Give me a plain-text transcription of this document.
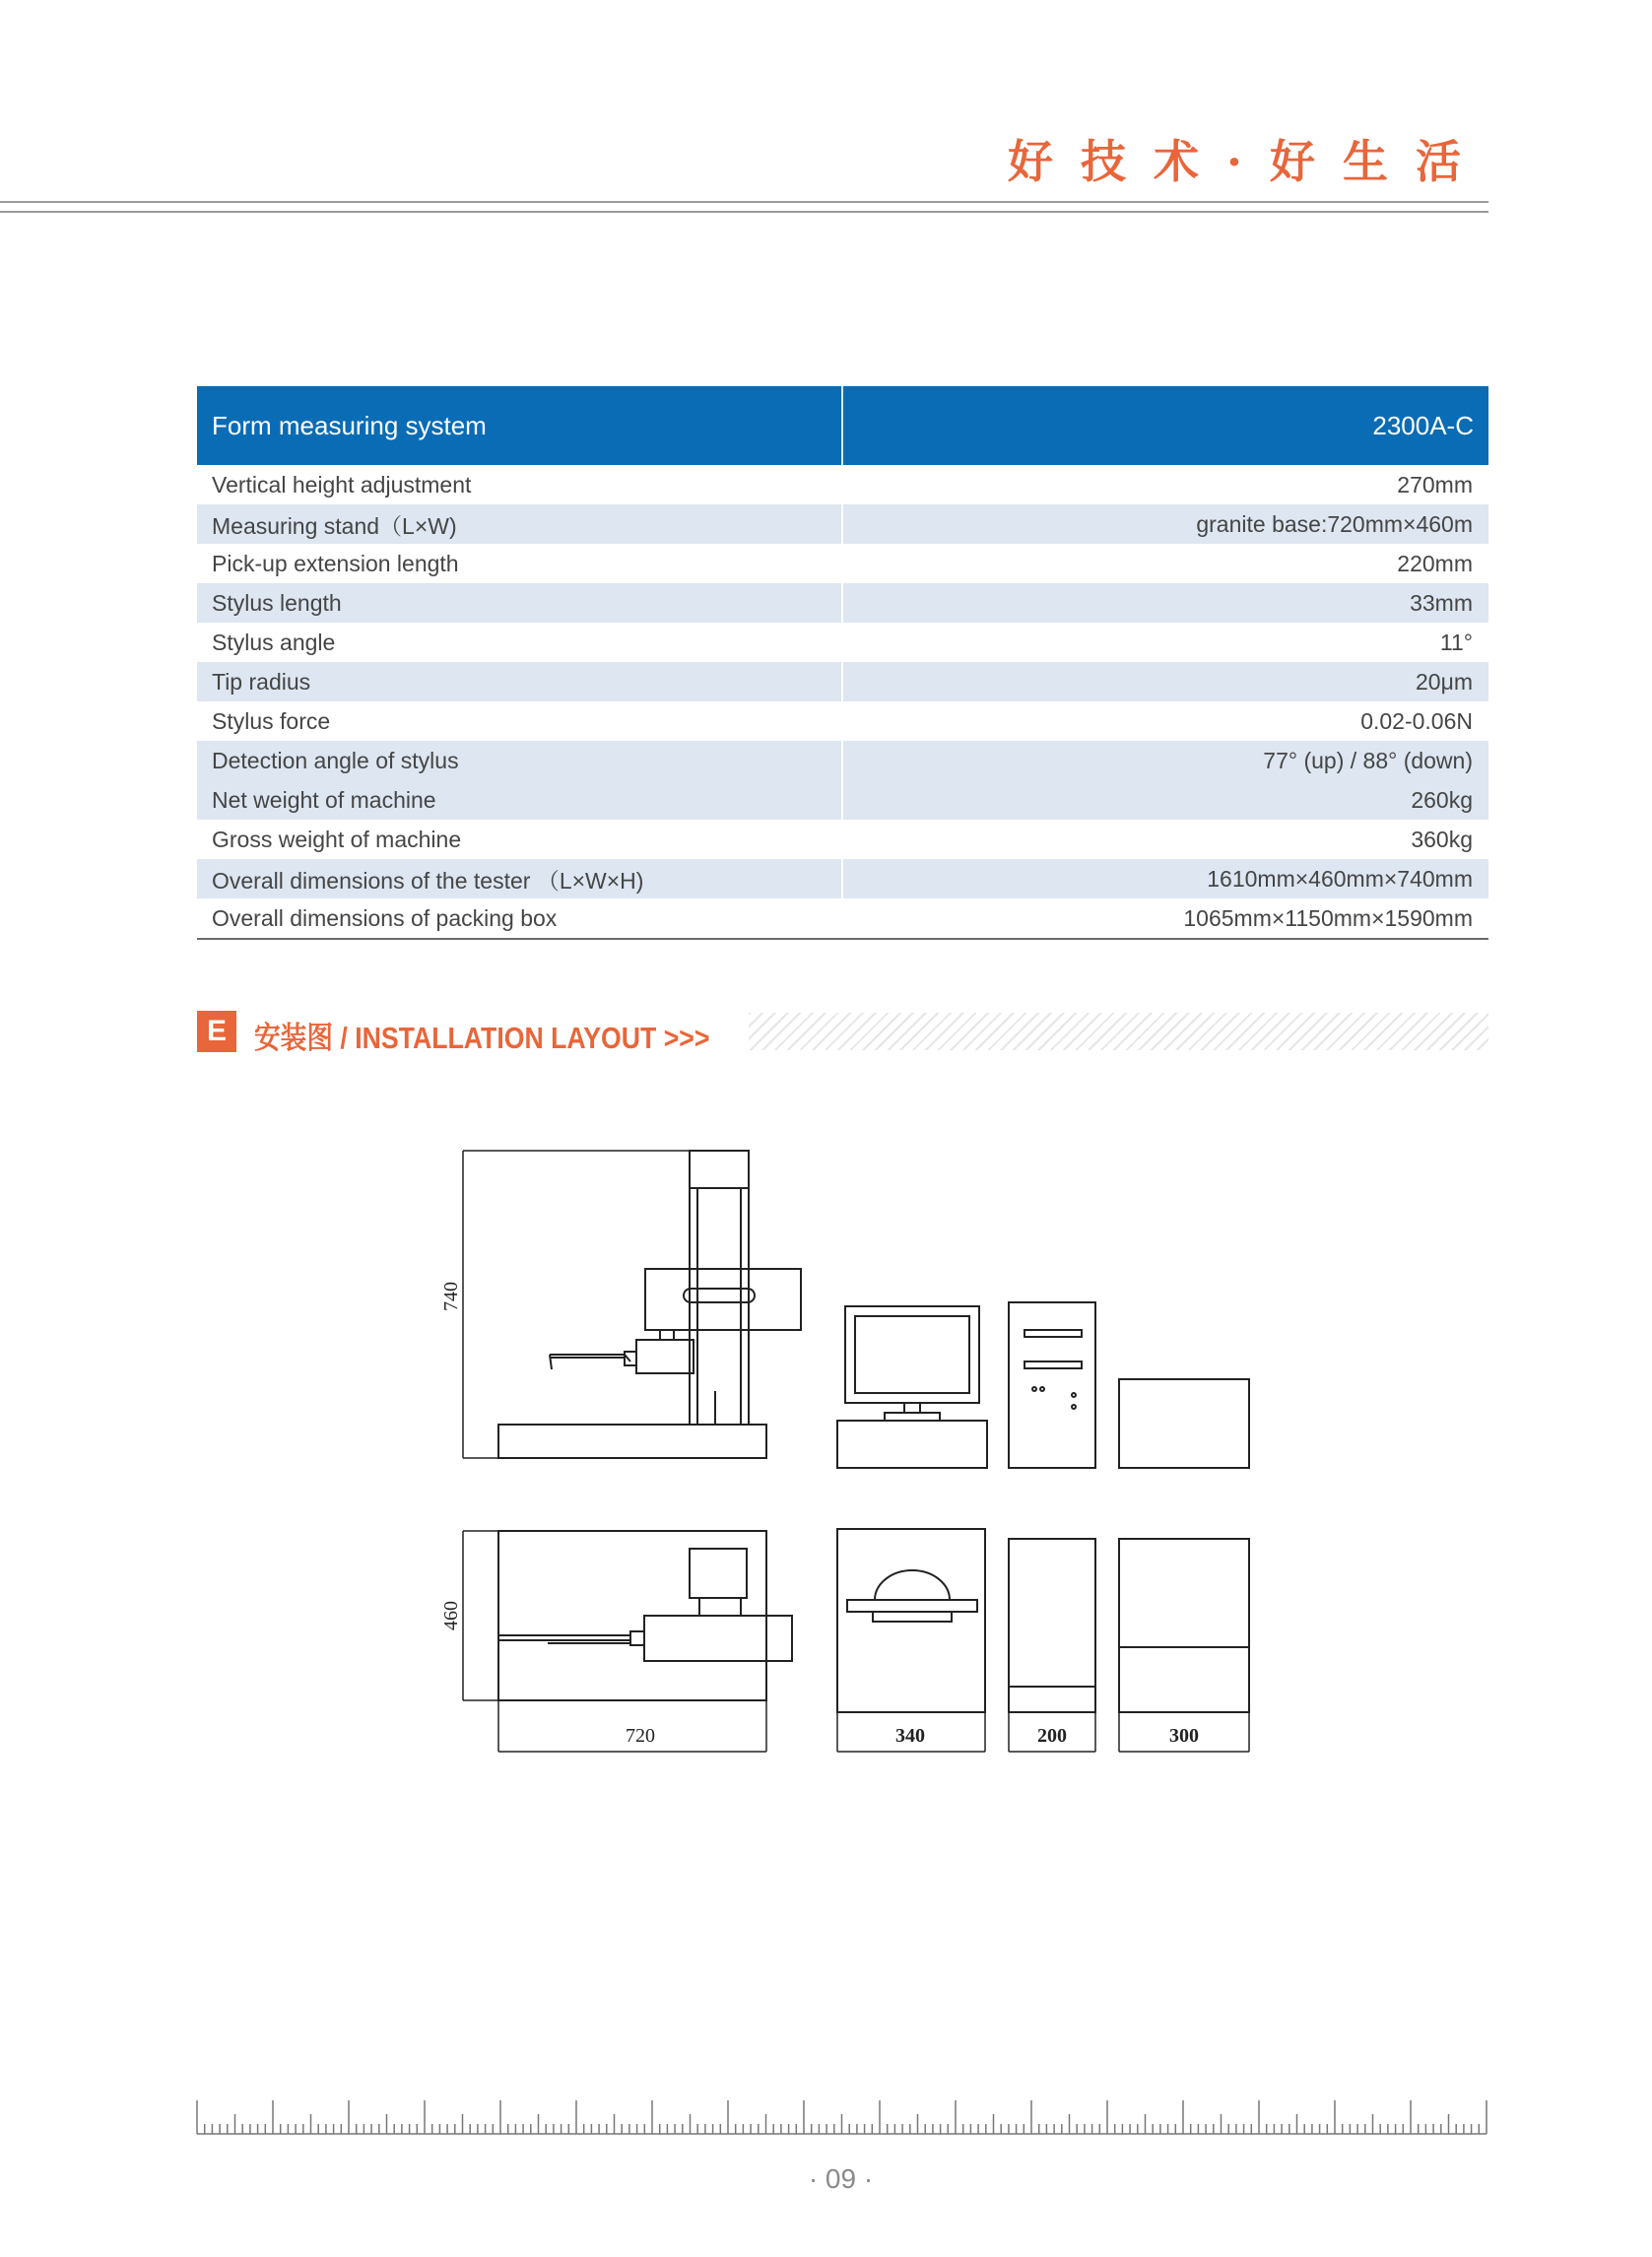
好技术·好生活
Form measuring system	2300A-C
Vertical height adjustment	270mm
Measuring stand（L×W)	granite base:720mm×460m
Pick-up extension length	220mm
Stylus length	33mm
Stylus angle	11°
Tip radius	20μm
Stylus force	0.02-0.06N
Detection angle of stylus	77° (up) / 88° (down)
Net weight of machine	260kg
Gross weight of machine	360kg
Overall dimensions of the tester （L×W×H)	1610mm×460mm×740mm
Overall dimensions of packing box	1065mm×1150mm×1590mm
E 安装图 / INSTALLATION LAYOUT >>>
740
460
720	340	200	300
· 09 ·
